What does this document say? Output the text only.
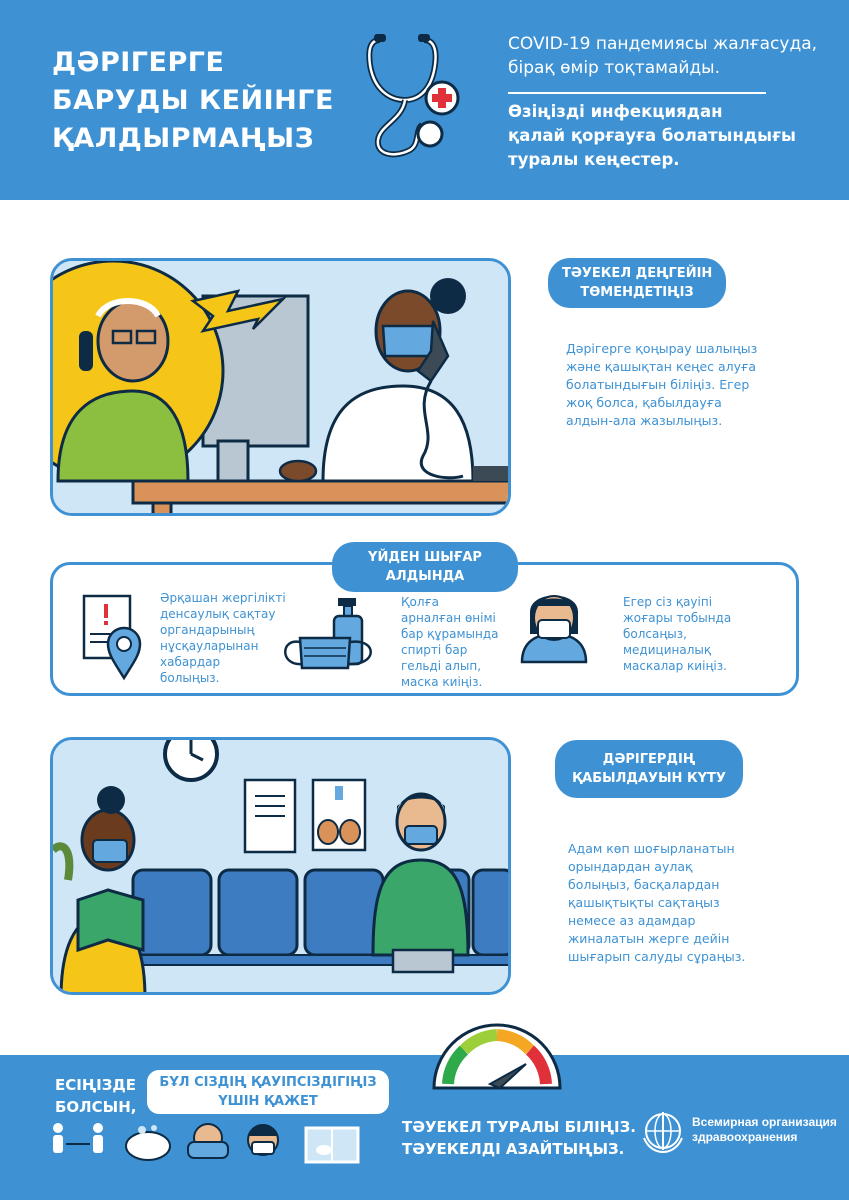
ДӘРІГЕРГЕ
БАРУДЫ КЕЙІНГЕ
ҚАЛДЫРМАҢЫЗ
COVID-19 пандемиясы жалғасуда,
бірақ өмір тоқтамайды.
Өзіңізді инфекциядан
қалай қорғауға болатындығы
туралы кеңестер.
ТӘУЕКЕЛ ДЕҢГЕЙІН
ТӨМЕНДЕТІҢІЗ
Дәрігерге қоңырау шалыңыз
және қашықтан кеңес алуға
болатындығын біліңіз. Егер
жоқ болса, қабылдауға
алдын-ала жазылыңыз.
ҮЙДЕН ШЫҒАР
АЛДЫНДА
Әрқашан жергілікті
денсаулық сақтау
органдарының
нұсқауларынан
хабардар
болыңыз.
Қолға
арналған өнімі
бар құрамында
спирті бар
гельді алып,
маска киіңіз.
Егер сіз қауіпі
жоғары тобында
болсаңыз,
медициналық
маскалар киіңіз.
ДӘРІГЕРДІҢ
ҚАБЫЛДАУЫН КҮТУ
Адам көп шоғырланатын
орындардан аулақ
болыңыз, басқалардан
қашықтықты сақтаңыз
немесе аз адамдар
жиналатын жерге дейін
шығарып салуды сұраңыз.
ЕСІҢІЗДЕ
БОЛСЫН,
БҰЛ СІЗДІҢ ҚАУІПСІЗДІГІҢІЗ
ҮШІН ҚАЖЕТ
ТӘУЕКЕЛ ТУРАЛЫ БІЛІҢІЗ.
ТӘУЕКЕЛДІ АЗАЙТЫҢЫЗ.
Всемирная организация
здравоохранения
